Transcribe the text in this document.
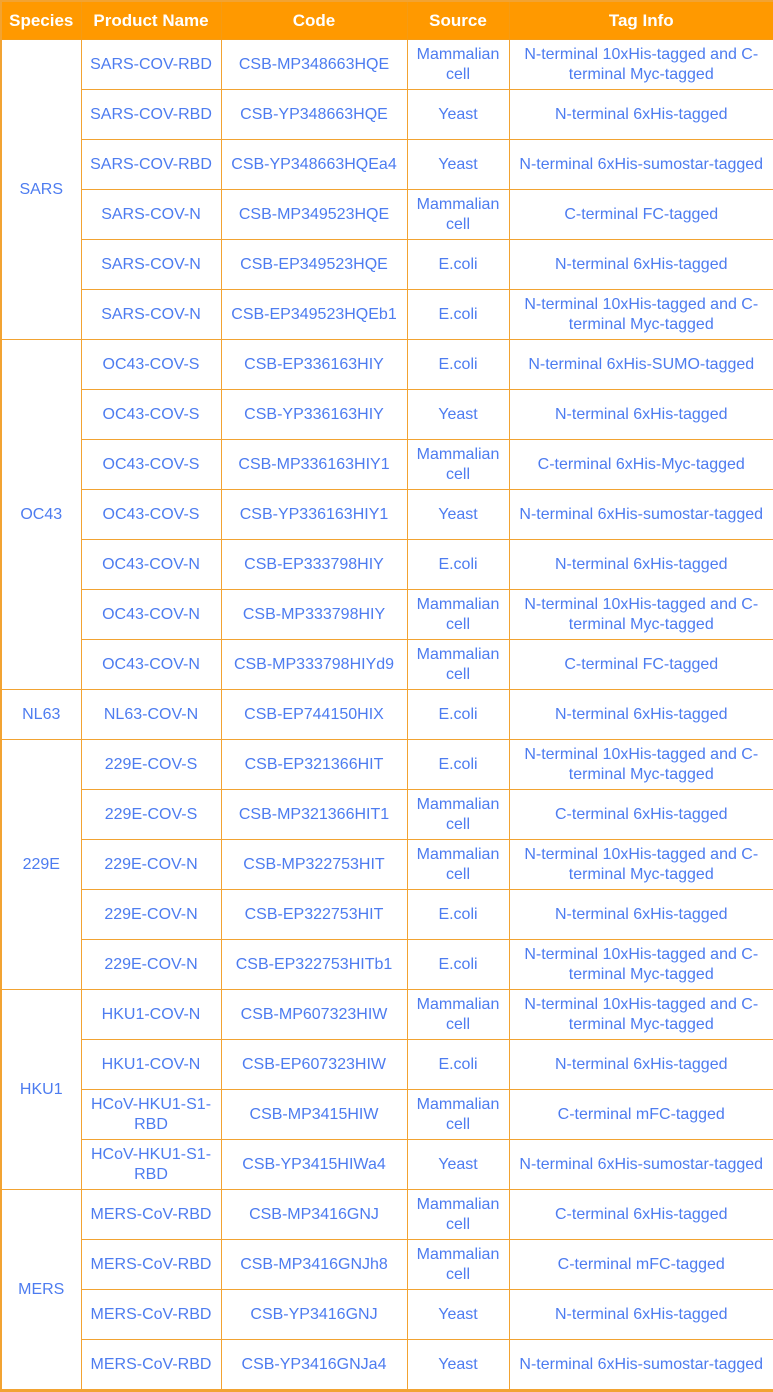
Species	Product Name	Code	Source	Tag Info
SARS	SARS-COV-RBD	CSB-MP348663HQE	Mammalian cell	N-terminal 10xHis-tagged and C-terminal Myc-tagged
	SARS-COV-RBD	CSB-YP348663HQE	Yeast	N-terminal 6xHis-tagged
	SARS-COV-RBD	CSB-YP348663HQEa4	Yeast	N-terminal 6xHis-sumostar-tagged
	SARS-COV-N	CSB-MP349523HQE	Mammalian cell	C-terminal FC-tagged
	SARS-COV-N	CSB-EP349523HQE	E.coli	N-terminal 6xHis-tagged
	SARS-COV-N	CSB-EP349523HQEb1	E.coli	N-terminal 10xHis-tagged and C-terminal Myc-tagged
OC43	OC43-COV-S	CSB-EP336163HIY	E.coli	N-terminal 6xHis-SUMO-tagged
	OC43-COV-S	CSB-YP336163HIY	Yeast	N-terminal 6xHis-tagged
	OC43-COV-S	CSB-MP336163HIY1	Mammalian cell	C-terminal 6xHis-Myc-tagged
	OC43-COV-S	CSB-YP336163HIY1	Yeast	N-terminal 6xHis-sumostar-tagged
	OC43-COV-N	CSB-EP333798HIY	E.coli	N-terminal 6xHis-tagged
	OC43-COV-N	CSB-MP333798HIY	Mammalian cell	N-terminal 10xHis-tagged and C-terminal Myc-tagged
	OC43-COV-N	CSB-MP333798HIYd9	Mammalian cell	C-terminal FC-tagged
NL63	NL63-COV-N	CSB-EP744150HIX	E.coli	N-terminal 6xHis-tagged
229E	229E-COV-S	CSB-EP321366HIT	E.coli	N-terminal 10xHis-tagged and C-terminal Myc-tagged
	229E-COV-S	CSB-MP321366HIT1	Mammalian cell	C-terminal 6xHis-tagged
	229E-COV-N	CSB-MP322753HIT	Mammalian cell	N-terminal 10xHis-tagged and C-terminal Myc-tagged
	229E-COV-N	CSB-EP322753HIT	E.coli	N-terminal 6xHis-tagged
	229E-COV-N	CSB-EP322753HITb1	E.coli	N-terminal 10xHis-tagged and C-terminal Myc-tagged
HKU1	HKU1-COV-N	CSB-MP607323HIW	Mammalian cell	N-terminal 10xHis-tagged and C-terminal Myc-tagged
	HKU1-COV-N	CSB-EP607323HIW	E.coli	N-terminal 6xHis-tagged
	HCoV-HKU1-S1-RBD	CSB-MP3415HIW	Mammalian cell	C-terminal mFC-tagged
	HCoV-HKU1-S1-RBD	CSB-YP3415HIWa4	Yeast	N-terminal 6xHis-sumostar-tagged
MERS	MERS-CoV-RBD	CSB-MP3416GNJ	Mammalian cell	C-terminal 6xHis-tagged
	MERS-CoV-RBD	CSB-MP3416GNJh8	Mammalian cell	C-terminal mFC-tagged
	MERS-CoV-RBD	CSB-YP3416GNJ	Yeast	N-terminal 6xHis-tagged
	MERS-CoV-RBD	CSB-YP3416GNJa4	Yeast	N-terminal 6xHis-sumostar-tagged
